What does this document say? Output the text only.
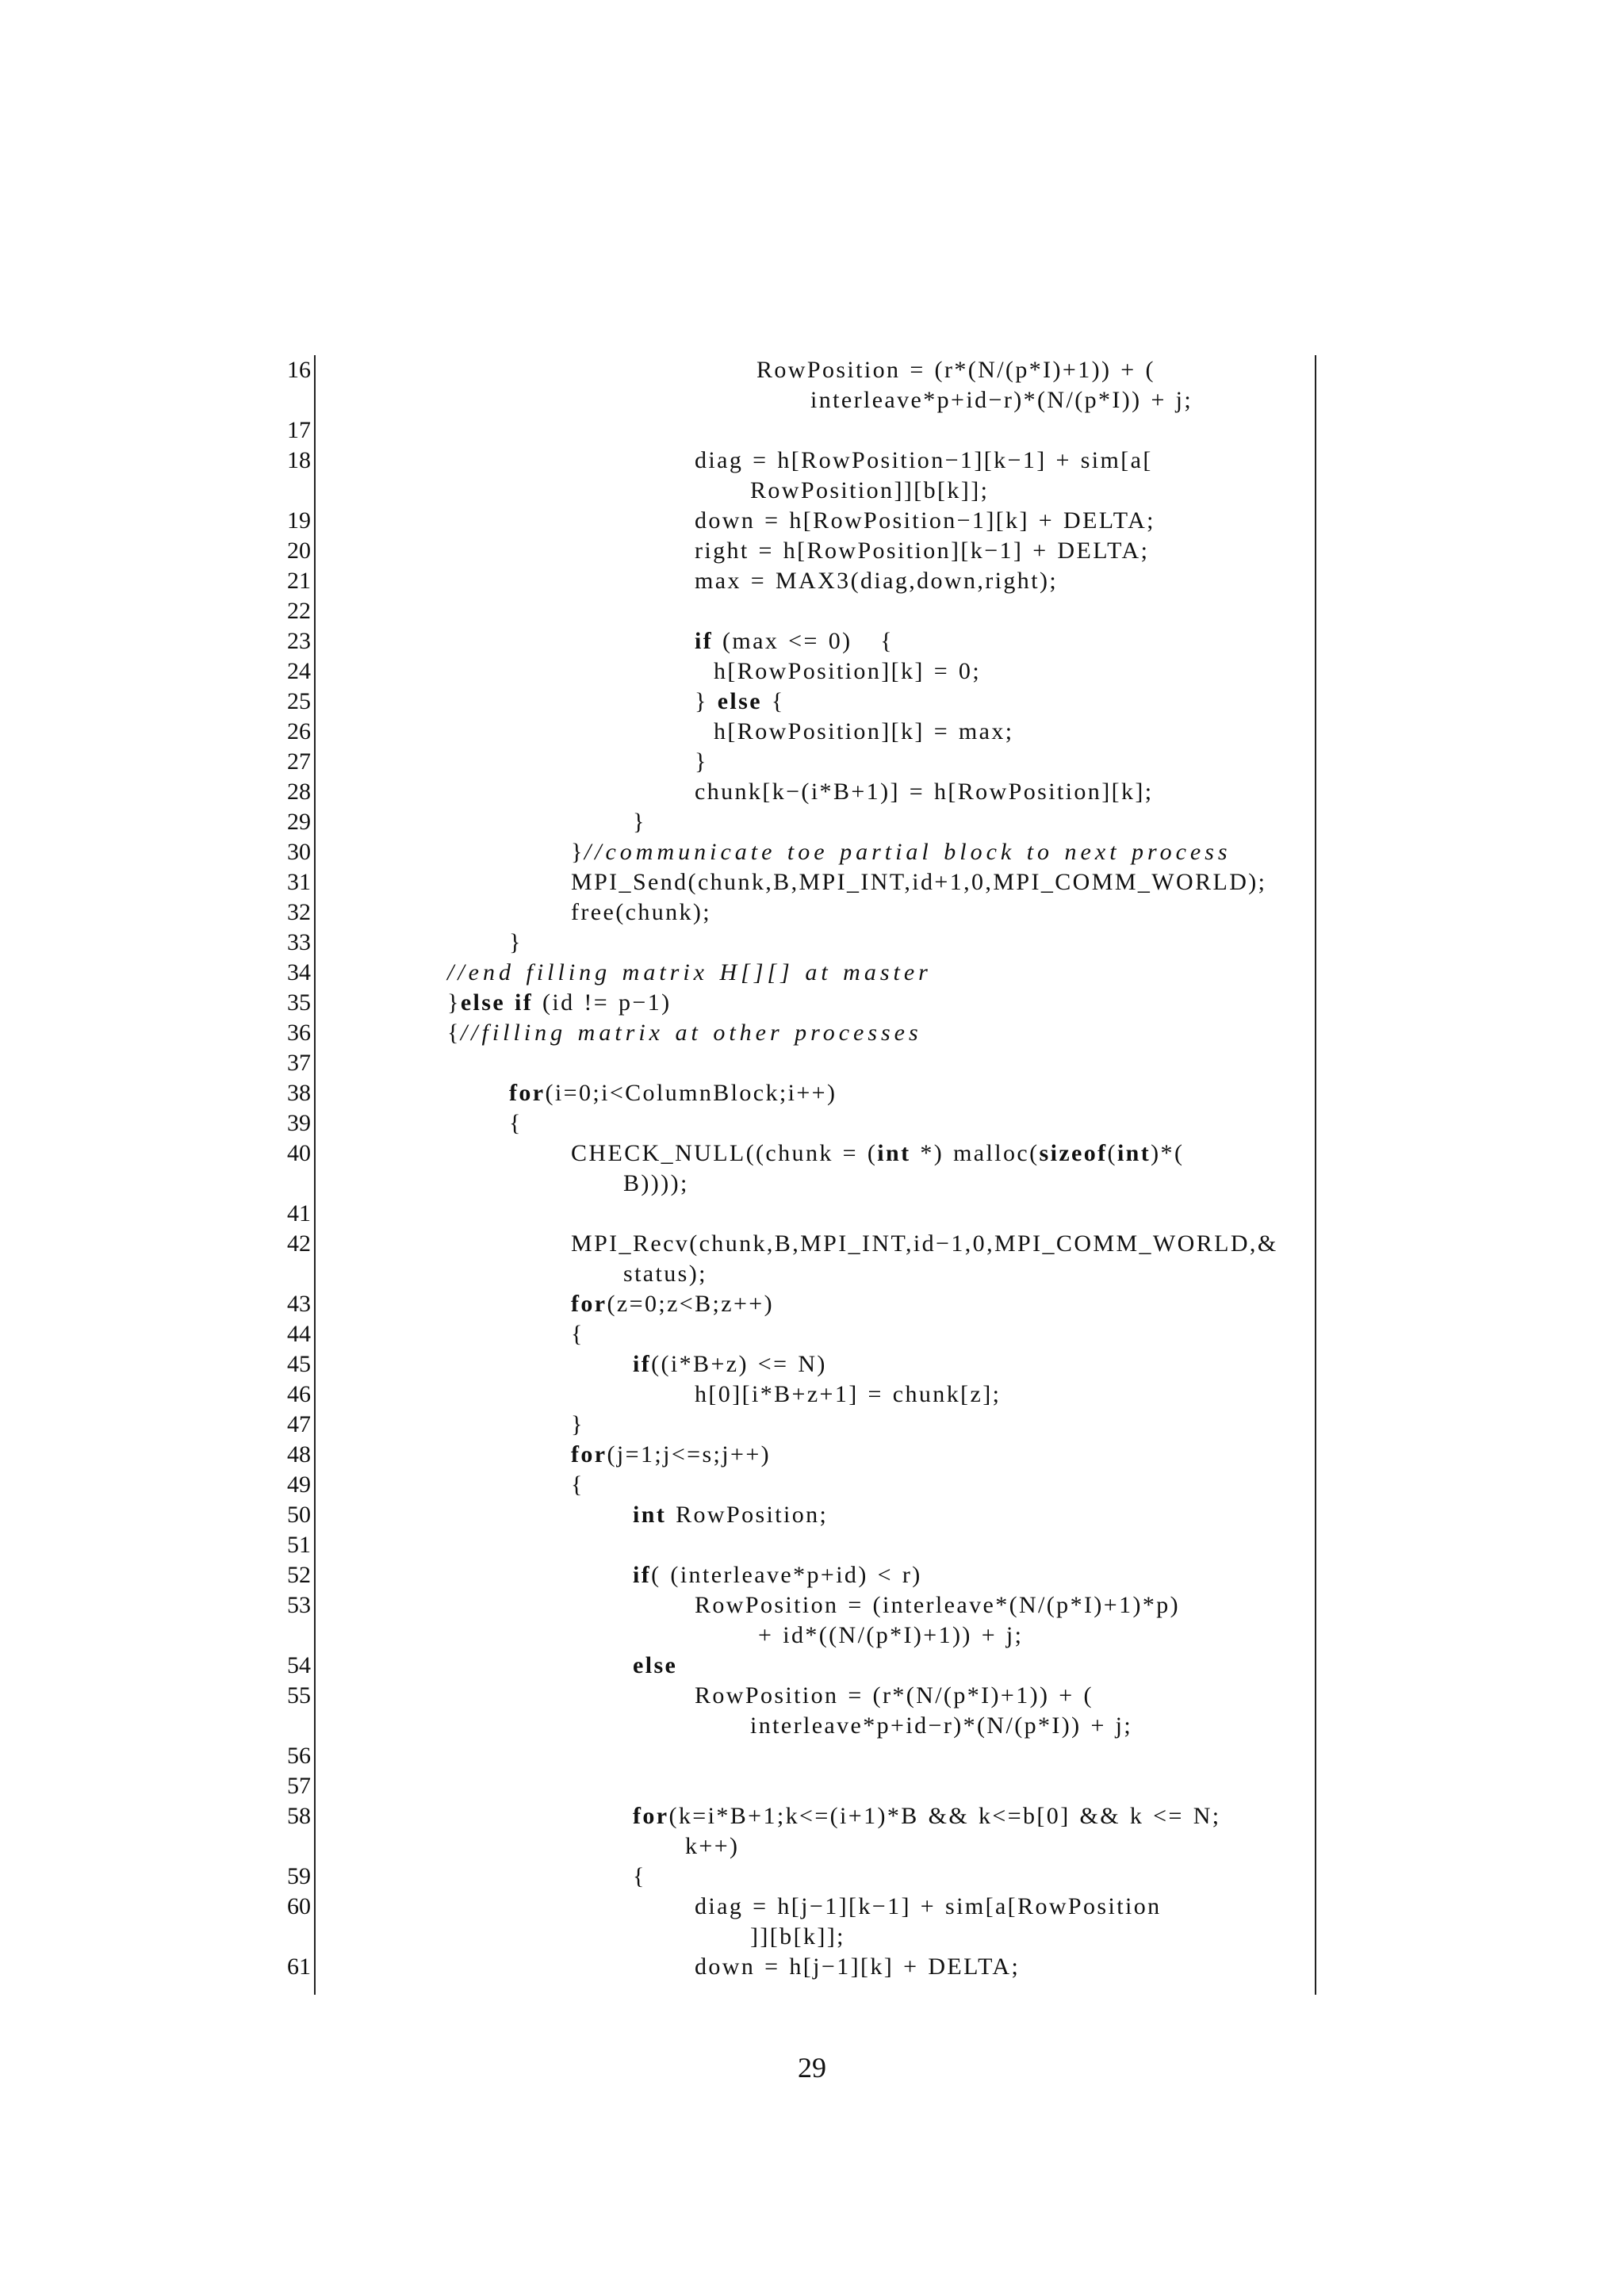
16	RowPosition = (r*(N/(p*I)+1)) + (
interleave*p+id−r)*(N/(p*I)) + j;
17
18	diag = h[RowPosition−1][k−1] + sim[a[
RowPosition]][b[k]];
19	down = h[RowPosition−1][k] + DELTA;
20	right = h[RowPosition][k−1] + DELTA;
21	max = MAX3(diag,down,right);
22
23	if (max <= 0)   {
24	h[RowPosition][k] = 0;
25	} else {
26	h[RowPosition][k] = max;
27	}
28	chunk[k−(i*B+1)] = h[RowPosition][k];
29	}
30	}//communicate toe partial block to next process
31	MPI_Send(chunk,B,MPI_INT,id+1,0,MPI_COMM_WORLD);
32	free(chunk);
33	}
34	//end filling matrix H[][] at master
35	}else if (id != p−1)
36	{//filling matrix at other processes
37
38	for(i=0;i<ColumnBlock;i++)
39	{
40	CHECK_NULL((chunk = (int *) malloc(sizeof(int)*(
B))));
41
42	MPI_Recv(chunk,B,MPI_INT,id−1,0,MPI_COMM_WORLD,&
status);
43	for(z=0;z<B;z++)
44	{
45	if((i*B+z) <= N)
46	h[0][i*B+z+1] = chunk[z];
47	}
48	for(j=1;j<=s;j++)
49	{
50	int RowPosition;
51
52	if( (interleave*p+id) < r)
53	RowPosition = (interleave*(N/(p*I)+1)*p)
+ id*((N/(p*I)+1)) + j;
54	else
55	RowPosition = (r*(N/(p*I)+1)) + (
interleave*p+id−r)*(N/(p*I)) + j;
56
57
58	for(k=i*B+1;k<=(i+1)*B && k<=b[0] && k <= N;
k++)
59	{
60	diag = h[j−1][k−1] + sim[a[RowPosition
]][b[k]];
61	down = h[j−1][k] + DELTA;
29
